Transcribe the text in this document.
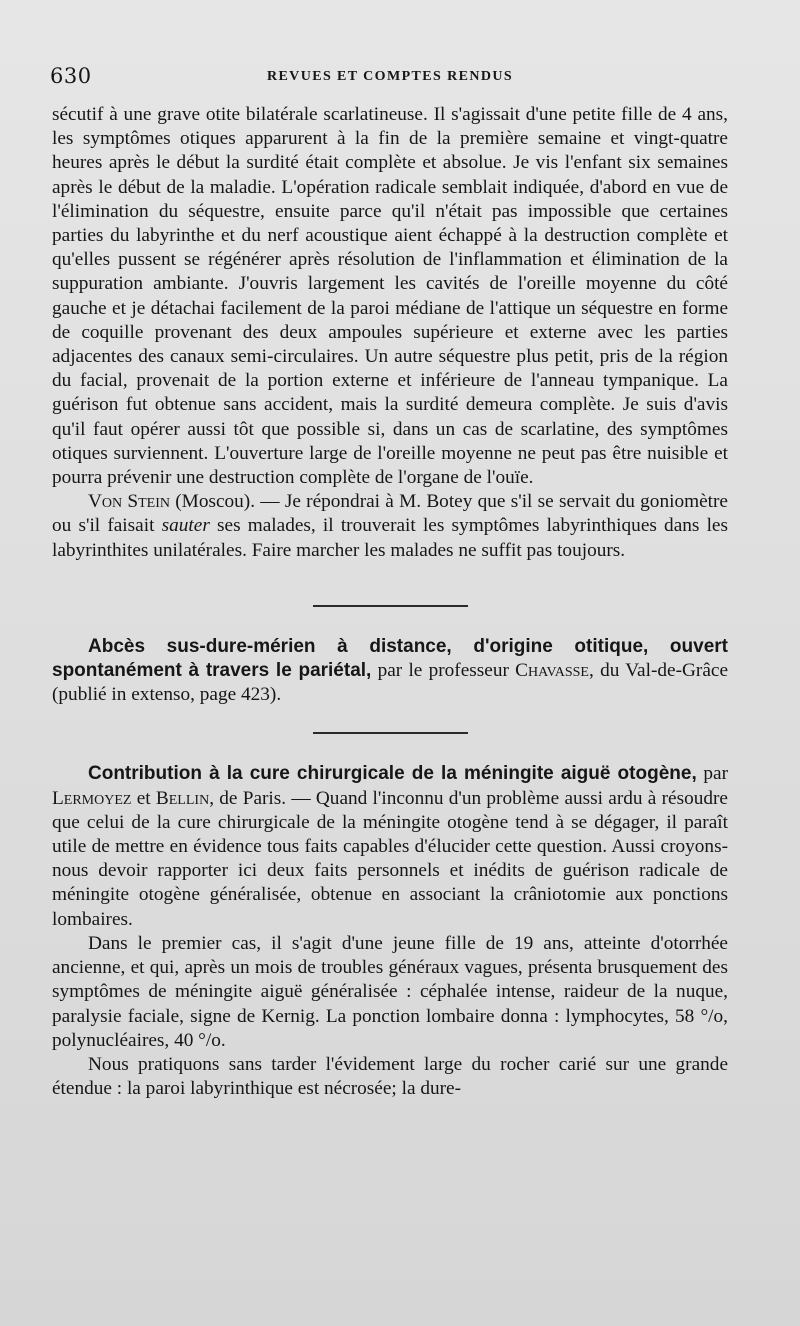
630	REVUES ET COMPTES RENDUS

sécutif à une grave otite bilatérale scarlatineuse. Il s'agissait d'une petite fille de 4 ans, les symptômes otiques apparurent à la fin de la première semaine et vingt-quatre heures après le début la surdité était complète et absolue. Je vis l'enfant six semaines après le début de la maladie. L'opération radicale semblait indiquée, d'abord en vue de l'élimination du séquestre, ensuite parce qu'il n'était pas impossible que certaines parties du labyrinthe et du nerf acoustique aient échappé à la destruction complète et qu'elles pussent se régénérer après résolution de l'inflammation et élimination de la suppuration ambiante. J'ouvris largement les cavités de l'oreille moyenne du côté gauche et je détachai facilement de la paroi médiane de l'attique un séquestre en forme de coquille provenant des deux ampoules supérieure et externe avec les parties adjacentes des canaux semi-circulaires. Un autre séquestre plus petit, pris de la région du facial, provenait de la portion externe et inférieure de l'anneau tympanique. La guérison fut obtenue sans accident, mais la surdité demeura complète. Je suis d'avis qu'il faut opérer aussi tôt que possible si, dans un cas de scarlatine, des symptômes otiques surviennent. L'ouverture large de l'oreille moyenne ne peut pas être nuisible et pourra prévenir une destruction complète de l'organe de l'ouïe.

Von Stein (Moscou). — Je répondrai à M. Botey que s'il se servait du goniomètre ou s'il faisait sauter ses malades, il trouverait les symptômes labyrinthiques dans les labyrinthites unilatérales. Faire marcher les malades ne suffit pas toujours.

Abcès sus-dure-mérien à distance, d'origine otitique, ouvert spontanément à travers le pariétal, par le professeur Chavasse, du Val-de-Grâce (publié in extenso, page 423).

Contribution à la cure chirurgicale de la méningite aiguë otogène, par Lermoyez et Bellin, de Paris. — Quand l'inconnu d'un problème aussi ardu à résoudre que celui de la cure chirurgicale de la méningite otogène tend à se dégager, il paraît utile de mettre en évidence tous faits capables d'élucider cette question. Aussi croyons-nous devoir rapporter ici deux faits personnels et inédits de guérison radicale de méningite otogène généralisée, obtenue en associant la crâniotomie aux ponctions lombaires.

Dans le premier cas, il s'agit d'une jeune fille de 19 ans, atteinte d'otorrhée ancienne, et qui, après un mois de troubles généraux vagues, présenta brusquement des symptômes de méningite aiguë généralisée : céphalée intense, raideur de la nuque, paralysie faciale, signe de Kernig. La ponction lombaire donna : lymphocytes, 58 °/o, polynucléaires, 40 °/o.

Nous pratiquons sans tarder l'évidement large du rocher carié sur une grande étendue : la paroi labyrinthique est nécrosée; la dure-
